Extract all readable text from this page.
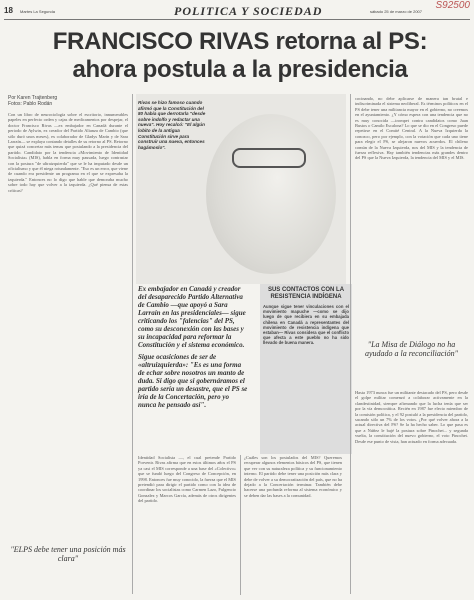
18 Martes La Segunda	POLITICA Y SOCIEDAD	sábado 25 de marzo de 2007
S92500
FRANCISCO RIVAS retorna al PS:
ahora postula a la presidencia
Por Karen Trajtenberg
Fotos: Pablo Rodán

Con un libro de neurociología sobre el escritorio, innumerables papeles en perfecto orden y cajas de medicamentos por despejar, el doctor Francisco Rivas —ex embajador en Canadá durante el periodo de Aylwin, ex creador del Partido Alianza de Cambio (que sólo duró unos meses), ex colaborador de Gladys Marín y de Sara Larraín— se explaya contando detalles de su retorno al PS. Retorno que quizá concretar más temas que postulando a la presidencia del partido. Candidato por la tendencia «Movimiento de Identidad Socialista» (MIS), habla en forma muy pausada, luego contrastar con la postura "de ultraizquierda" que se le ha imputado desde un oficialismo y que él niega rotundamente. "Eso es un error, que viene de cuando era presidente un programa en el que se expresaba la izquierda." Entonces no lo digo que hable que demoraba mucho sobre todo hay que volver a la izquierda. ¿Qué piensa de estas críticas?

"ELPS debe tener una posición más clara"
Rivas se hizo famoso cuando afirmó que la Constitución del 80 había que derrotarla "desde sobre indolfo y redactar una nueva". Hoy recalcó: "El algún lobito de la antigua Constitución sirve para construir una nueva, entonces hagámoslo".

Ex embajador en Canadá y creador del desaparecido Partido Alternativa de Cambio —que apoyó a Sara Larraín en las presidenciales— sigue criticando los "falencias" del PS, como su desconexión con las bases y su incapacidad para reformar la Constitución y el sistema económico.

Sigue ocasiciones de ser de «altruizquierda»: "Es es una forma de echar sobre nosotros un manto de duda. Si digo que si gobernáramos el partido sería un desastre, que el PS se iría de la Concertación, pero yo nunca he pensado así".

SUS CONTACTOS CON LA RESISTENCIA INDÍGENA
Aunque sigue tener vinculaciones con el movimiento mapuche —como se dijo luego de que recibiera en su embajada chilena en Canadá a representantes del movimiento de resistencia indígena que estaban— Rivas considera que el conflicto que afecta a este pueblo no ha sido llevado de buena manera.

Identidad Socialista —, el cual pretende Partido Porvenir. Rivas afirma que en estos últimos años el PS ya casi el MIS corresponde a una base del «Colectivo» que se fundó luego del Congreso de Concepción, en 1998. Entonces fue muy conocido, la fuerza que el MIS pretendió para dirigir el partido como con la idea de coordinar los socialistas como Carmen Lazo, Fulgencio Gonzalez y Marcos García, además de otros dirigentes del partido.

¿Cuáles son los postulados del MIS? Queremos recuperar algunos elementos básicos del PS, que tienen que ver con su naturaleza política y su funcionamiento interno. El partido debe tener una posición más clara y debe de volver a su democratización del país, que no ha dejado a la Concertación terminar. También debe hacerse una profunda reforma al sistema económico y se deben dar las bases a la comunidad.

cocinando, no debe aplicarse de manera tan brutal e indiscriminada el sistema neoliberal. Es términos políticos en el PS debe tener una militancia mayor en el gobierno, no creemos en el ayuntamiento. ¿Y cómo espera con una tendencia que no es muy conocida —trompet contra candidatos como Juan Bustos o Camilo Escalona? Lo que se dio en el Congreso puede repetirse en el Comité Central. A la Nueva Izquierda la conozco, pero por ejemplo, con la votación que cada uno tiene para elegir el PS, se alejaron nuevos acuerdos. El chileno común de la Nueva Izquierda, nos del MIS y la tendencia de fuerza reflexiva. Hay también tendencias más grandes dentro del PS que la Nueva Izquierda, la tendencia del MIS y el MIS.

"La Misa de Diálogo no ha ayudado a la reconciliación"

Hasta 1973 nunca fue un militante destacado del PS, pero desde el golpe militar comenzó a colaborar activamente en la clandestinidad, siempre afirmando que la lucha tenía que ser por la vía democrática. Recién en 1987 fue electo miembro de la comisión política, y el 92 postuló a la presidencia del partido, sacando sólo un 7% de los votos. ¿Por qué volver ahora a la actual directiva del PS? Se la ha hecho saber. Lo que pasa es que a Núñez le bajé la postura sobre Pinochet... y segunda vuelta, la constitución del nuevo gobierno, el voto Pinochet. Desde ese punto de vista, han actuado en forma adecuada.
